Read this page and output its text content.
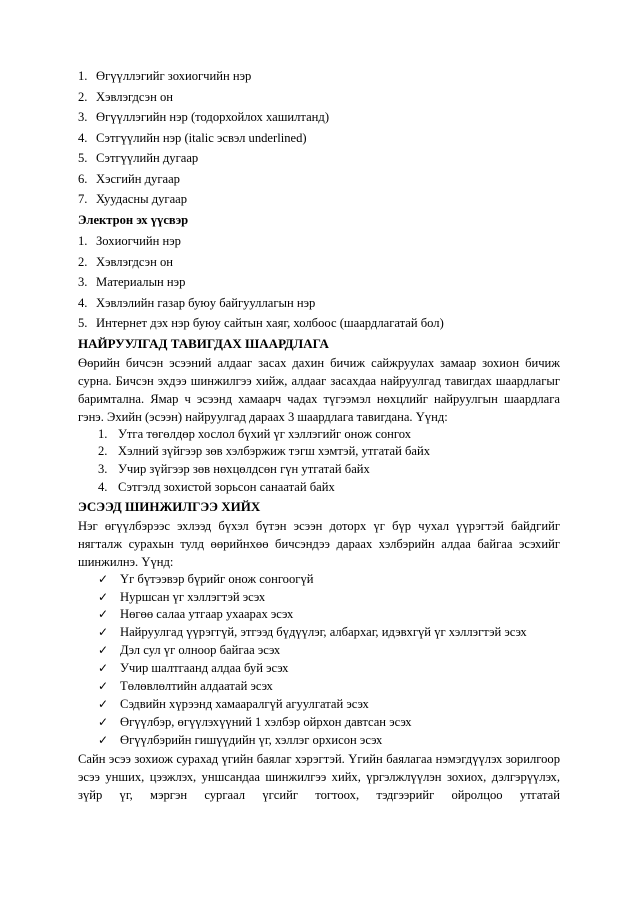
1. Өгүүллэгийг зохиогчийн нэр
2. Хэвлэгдсэн он
3. Өгүүллэгийн нэр (тодорхойлох хашилтанд)
4. Сэтгүүлийн нэр (italic эсвэл underlined)
5. Сэтгүүлийн дугаар
6. Хэсгийн дугаар
7. Хуудасны дугаар
Электрон эх үүсвэр
1. Зохиогчийн нэр
2. Хэвлэгдсэн он
3. Материалын нэр
4. Хэвлэлийн газар буюу байгууллагын нэр
5. Интернет дэх нэр буюу сайтын хаяг, холбоос (шаардлагатай бол)
НАЙРУУЛГАД ТАВИГДАХ ШААРДЛАГА
Өөрийн бичсэн эсээний алдааг засах дахин бичиж сайжруулах замаар зохион бичиж сурна. Бичсэн эхдээ шинжилгээ хийж, алдааг засахдаа найруулгад тавигдах шаардлагыг баримтална. Ямар ч эсээнд хамаарч чадах түгээмэл нөхцлийг найруулгын шаардлага гэнэ. Эхийн (эсээн) найруулгад дараах 3 шаардлага тавигдана. Үүнд:
1. Утга төгөлдөр хослол бүхий үг хэллэгийг онож сонгох
2. Хэлний зүйгээр зөв хэлбэржиж тэгш хэмтэй, утгатай байх
3. Учир зүйгээр зөв нөхцөлдсөн гүн утгатай байх
4. Сэтгэлд зохистой зорьсон санаатай байх
ЭСЭЭД ШИНЖИЛГЭЭ ХИЙХ
Нэг өгүүлбэрээс эхлээд бүхэл бүтэн эсээн доторх үг бүр чухал үүрэгтэй байдгийг нягталж сурахын тулд өөрийнхөө бичсэндээ дараах хэлбэрийн алдаа байгаа эсэхийг шинжилнэ. Үүнд:
✓ Үг бүтээвэр бүрийг онож сонгоогүй
✓ Нуршсан үг хэллэгтэй эсэх
✓ Нөгөө салаа утгаар ухаарах эсэх
✓ Найруулгад үүрэггүй, этгээд бүдүүлэг, албархаг, идэвхгүй үг хэллэгтэй эсэх
✓ Дэл сул үг олноор байгаа эсэх
✓ Учир шалтгаанд алдаа буй эсэх
✓ Төлөвлөлтийн алдаатай эсэх
✓ Сэдвийн хүрээнд хамааралгүй агуулгатай эсэх
✓ Өгүүлбэр, өгүүлэхүүний 1 хэлбэр ойрхон давтсан эсэх
✓ Өгүүлбэрийн гишүүдийн үг, хэллэг орхисон эсэх
Сайн эсээ зохиож сурахад үгийн баялаг хэрэгтэй. Үгийн баялагаа нэмэгдүүлэх зорилгоор эсээ унших, цээжлэх, уншсандаа шинжилгээ хийх, үргэлжлүүлэн зохиох, дэлгэрүүлэх, зүйр үг, мэргэн сургаал үгсийг тогтоох, тэдгээрийг ойролцоо утгатай
